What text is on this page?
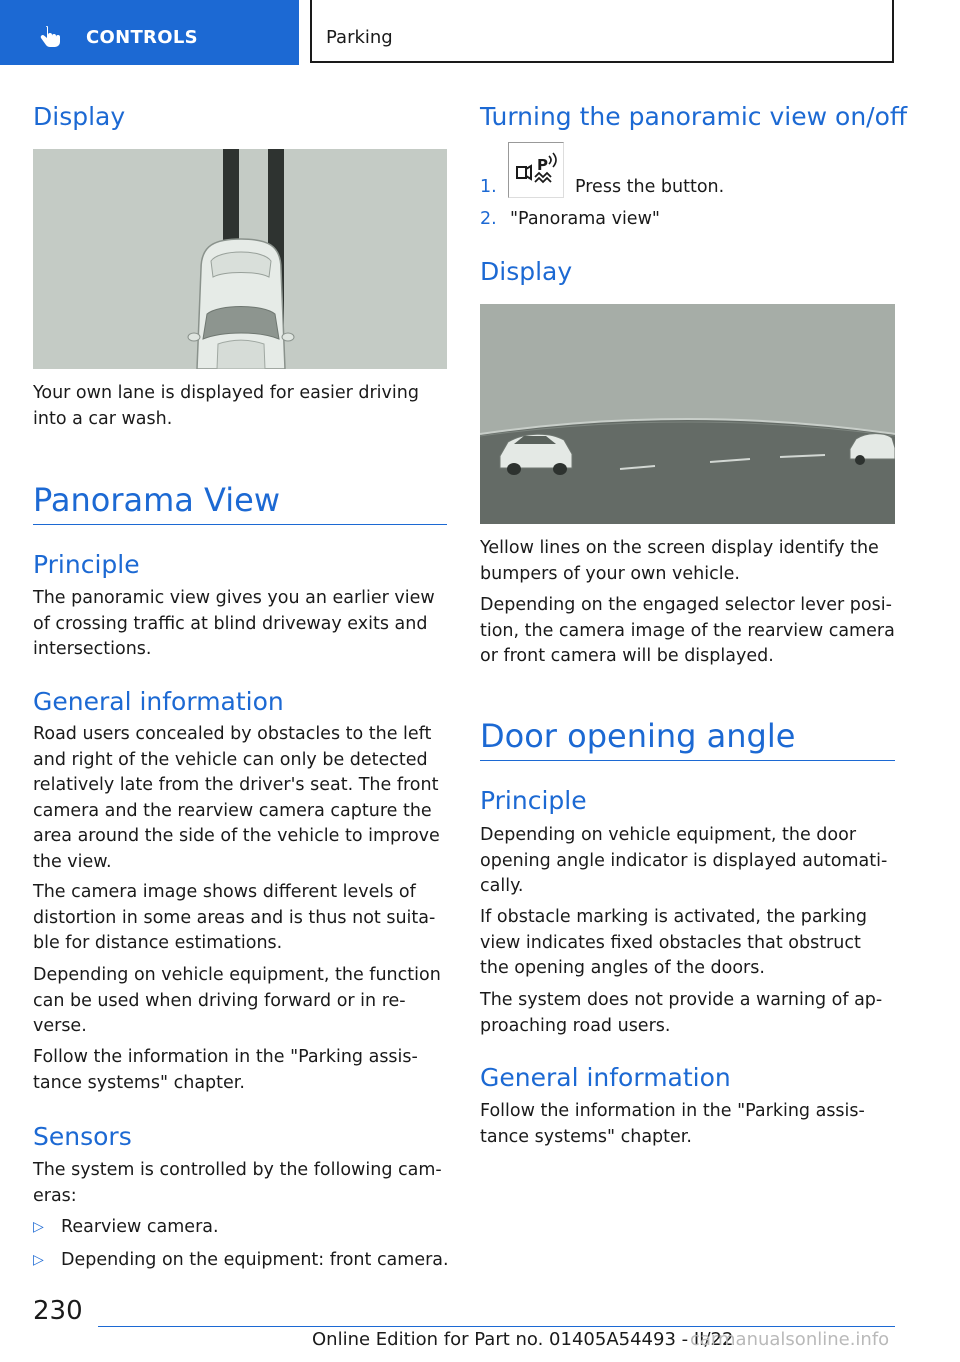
CONTROLS	Parking
Display

Your own lane is displayed for easier driving into a car wash.

Panorama View
Principle

The panoramic view gives you an earlier view of crossing traffic at blind driveway exits and intersections.

General information

Road users concealed by obstacles to the left and right of the vehicle can only be detected relatively late from the driver's seat. The front camera and the rearview camera capture the area around the side of the vehicle to improve the view.

The camera image shows different levels of distortion in some areas and is thus not suitable for distance estimations.

Depending on vehicle equipment, the function can be used when driving forward or in reverse.

Follow the information in the "Parking assistance systems" chapter.

Sensors

The system is controlled by the following cameras:

▷ Rearview camera.
▷ Depending on the equipment: front camera.
Turning the panoramic view on/off
1.	Press the button.
P
2. "Panorama view"
Display

Yellow lines on the screen display identify the bumpers of your own vehicle.

Depending on the engaged selector lever position, the camera image of the rearview camera or front camera will be displayed.

Door opening angle
Principle

Depending on vehicle equipment, the door opening angle indicator is displayed automatically.

If obstacle marking is activated, the parking view indicates fixed obstacles that obstruct the opening angles of the doors.

The system does not provide a warning of approaching road users.

General information

Follow the information in the "Parking assistance systems" chapter.

230
Online Edition for Part no. 01405A54493 - II/22
carmanualsonline.info
